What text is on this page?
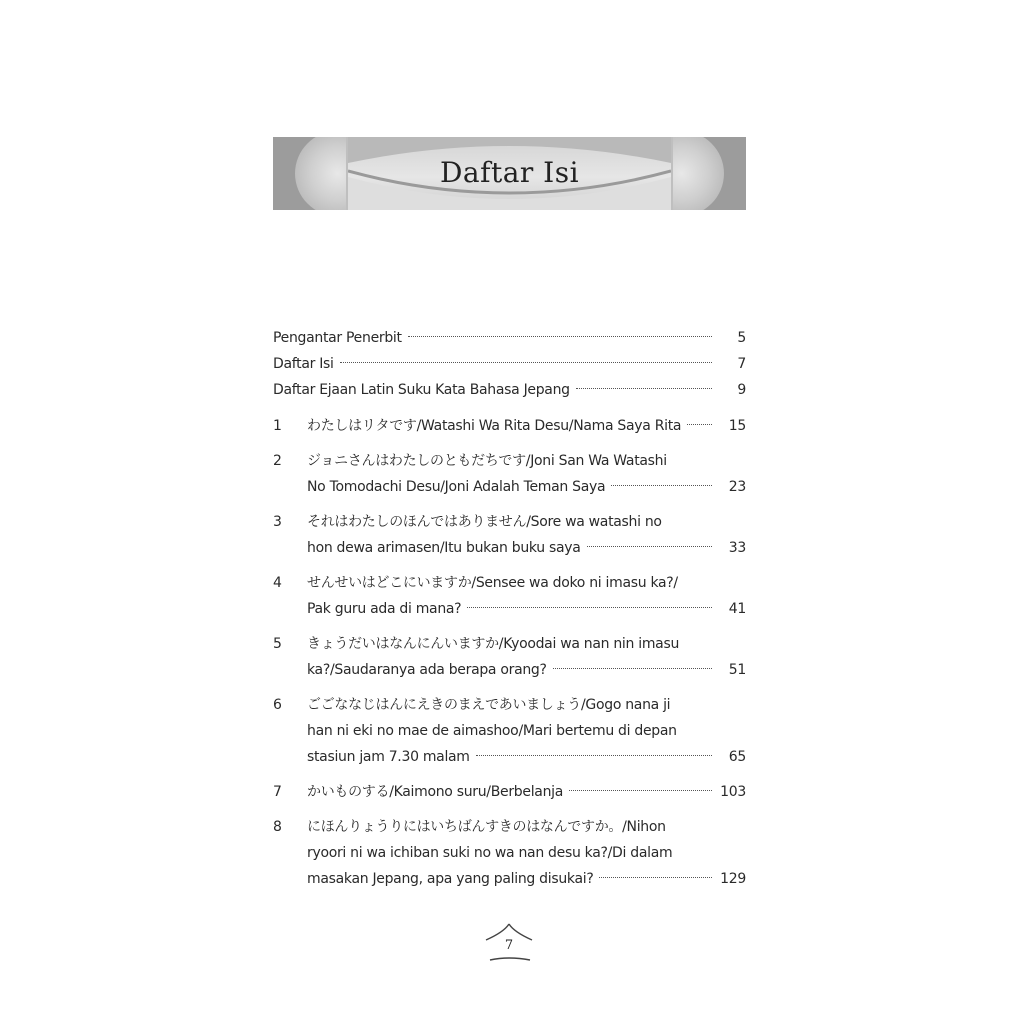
Daftar Isi
Pengantar Penerbit	5
Daftar Isi	7
Daftar Ejaan Latin Suku Kata Bahasa Jepang	9
1	わたしはリタです/Watashi Wa Rita Desu/Nama Saya Rita	15
2	ジョニさんはわたしのともだちです/Joni San Wa Watashi
No Tomodachi Desu/Joni Adalah Teman Saya	23
3	それはわたしのほんではありません/Sore wa watashi no
hon dewa arimasen/Itu bukan buku saya	33
4	せんせいはどこにいますか/Sensee wa doko ni imasu ka?/
Pak guru ada di mana?	41
5	きょうだいはなんにんいますか/Kyoodai wa nan nin imasu
ka?/Saudaranya ada berapa orang?	51
6	ごごななじはんにえきのまえであいましょう/Gogo nana ji
han ni eki no mae de aimashoo/Mari bertemu di depan
stasiun jam 7.30 malam	65
7	かいものする/Kaimono suru/Berbelanja	103
8	にほんりょうりにはいちばんすきのはなんですか。/Nihon
ryoori ni wa ichiban suki no wa nan desu ka?/Di dalam
masakan Jepang, apa yang paling disukai?	129
7
